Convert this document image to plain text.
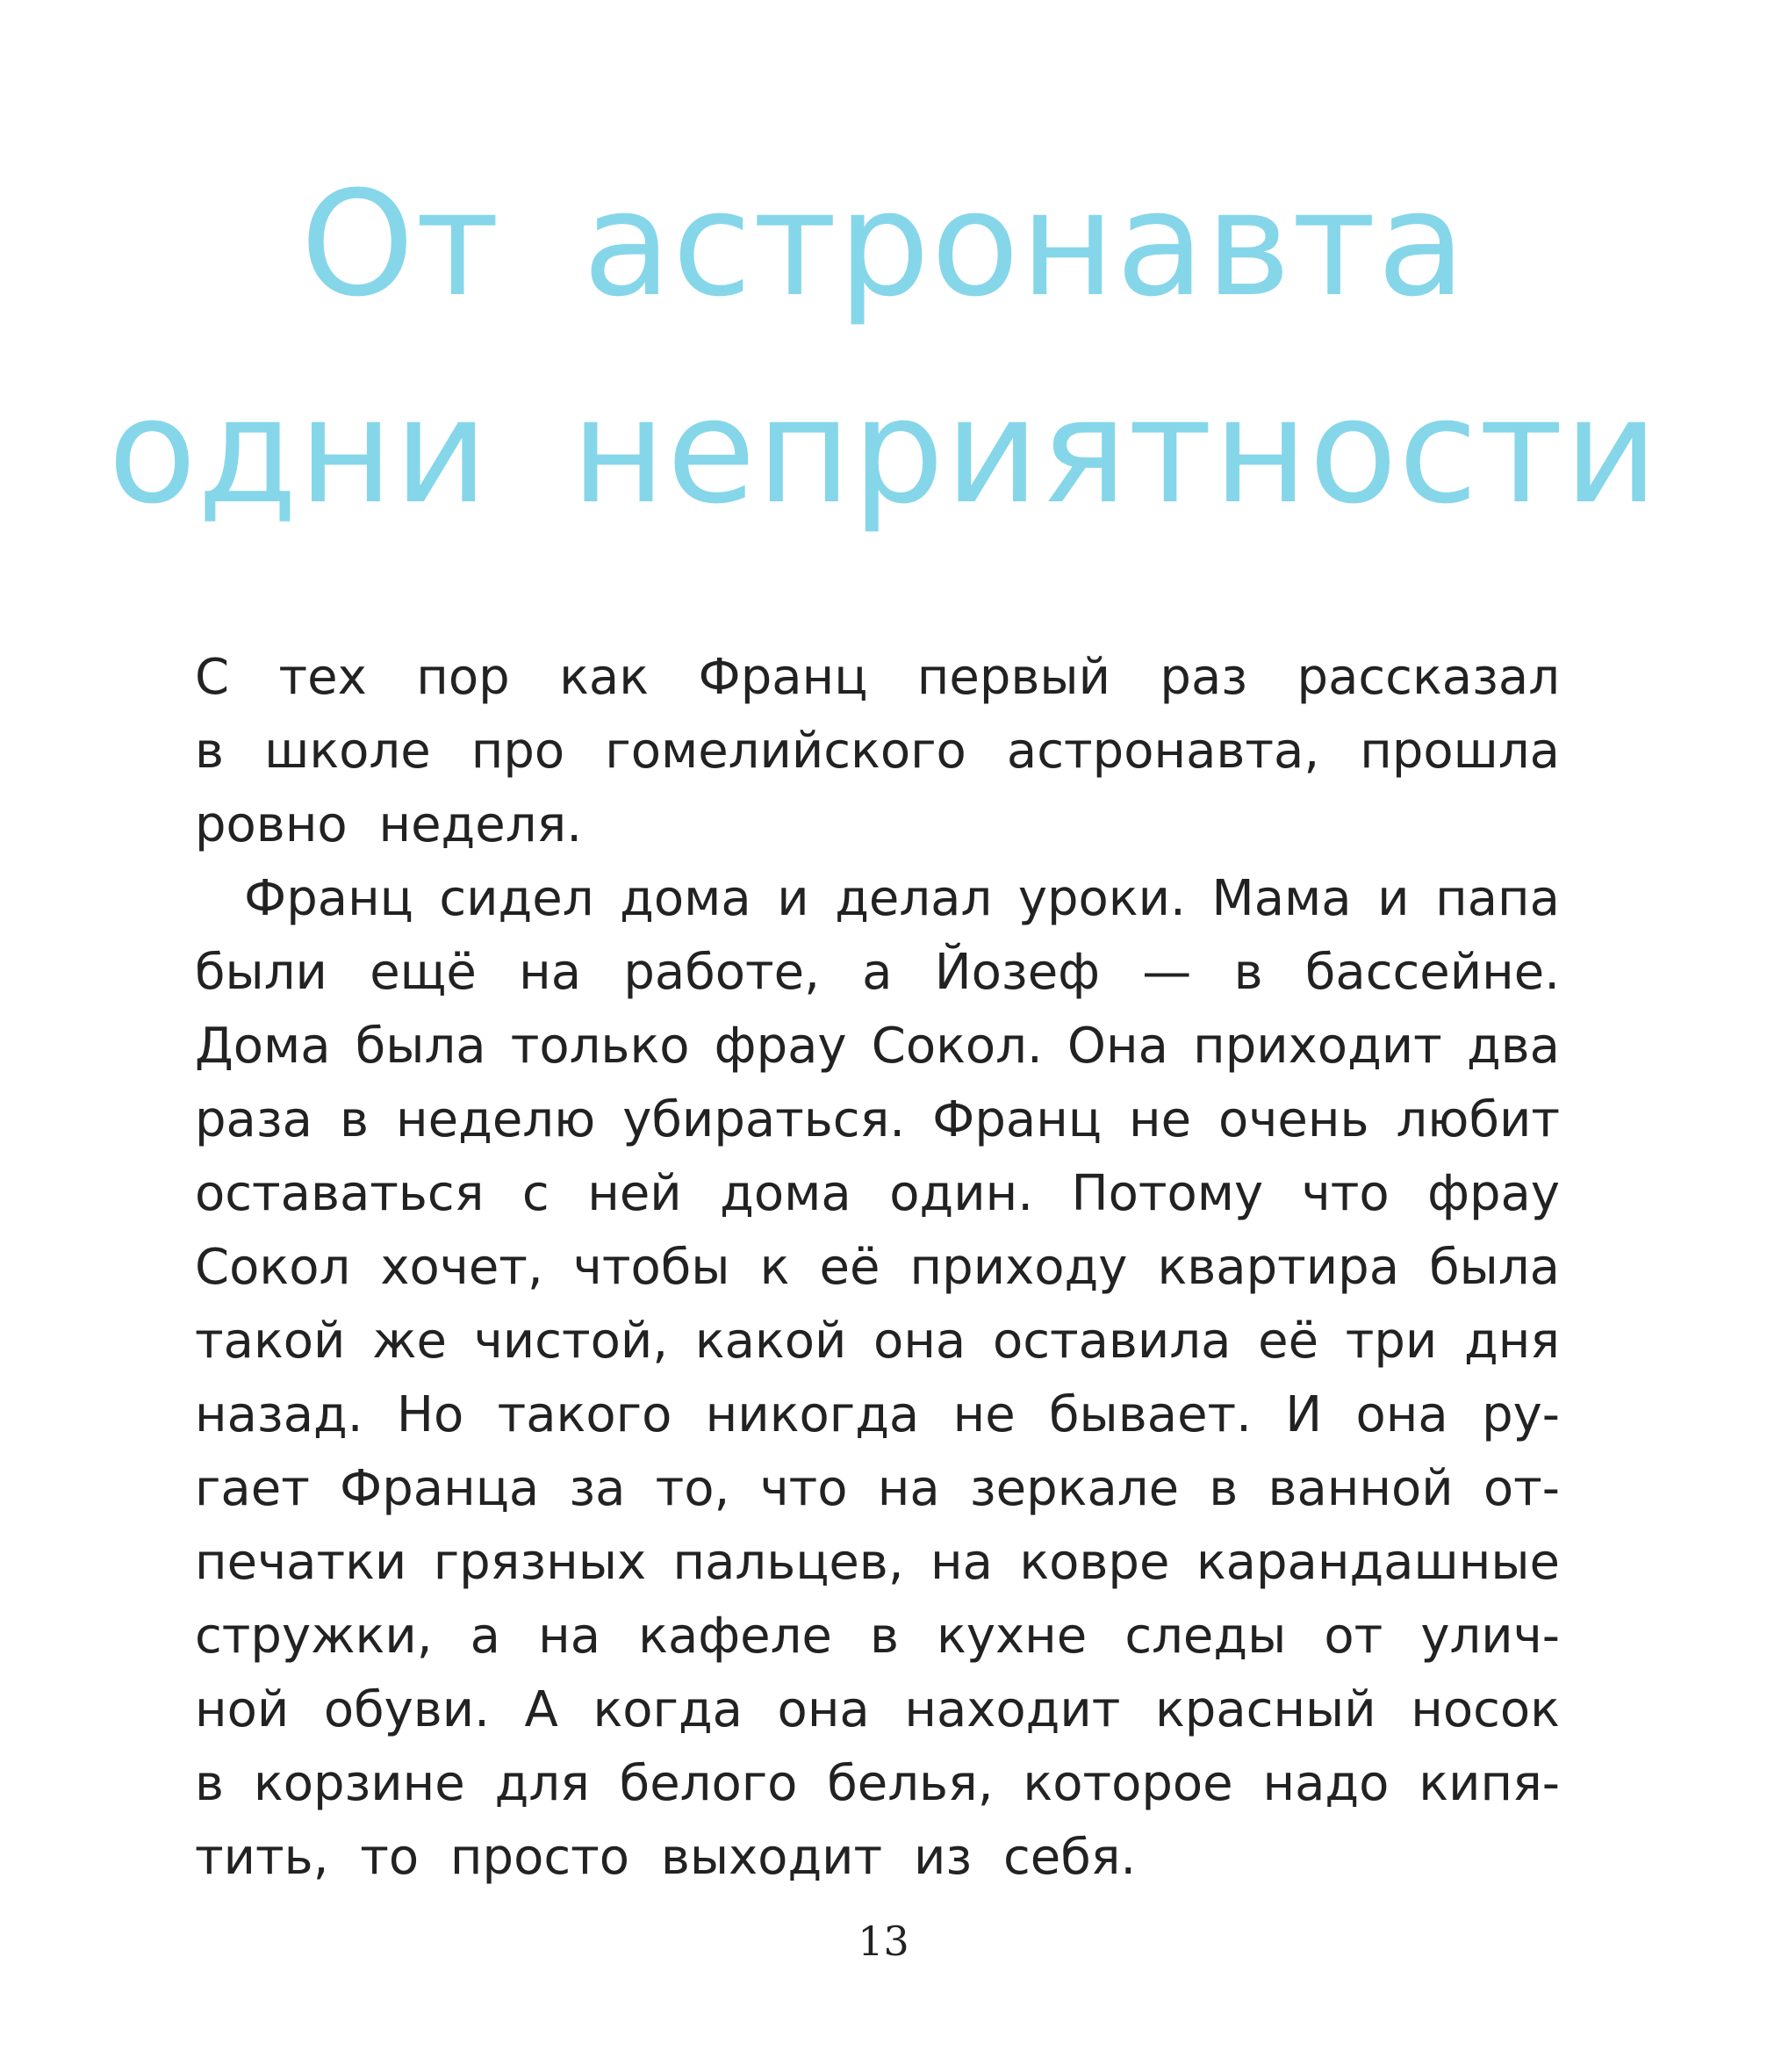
От астронавта
одни неприятности
С тех пор как Франц первый раз рассказал
в школе про гомелийского астронавта, прошла
ровно неделя.
Франц сидел дома и делал уроки. Мама и папа
были ещё на работе, а Йозеф — в бассейне.
Дома была только фрау Сокол. Она приходит два
раза в неделю убираться. Франц не очень любит
оставаться с ней дома один. Потому что фрау
Сокол хочет, чтобы к её приходу квартира была
такой же чистой, какой она оставила её три дня
назад. Но такого никогда не бывает. И она ру-
гает Франца за то, что на зеркале в ванной от-
печатки грязных пальцев, на ковре карандашные
стружки, а на кафеле в кухне следы от улич-
ной обуви. А когда она находит красный носок
в корзине для белого белья, которое надо кипя-
тить, то просто выходит из себя.
13
